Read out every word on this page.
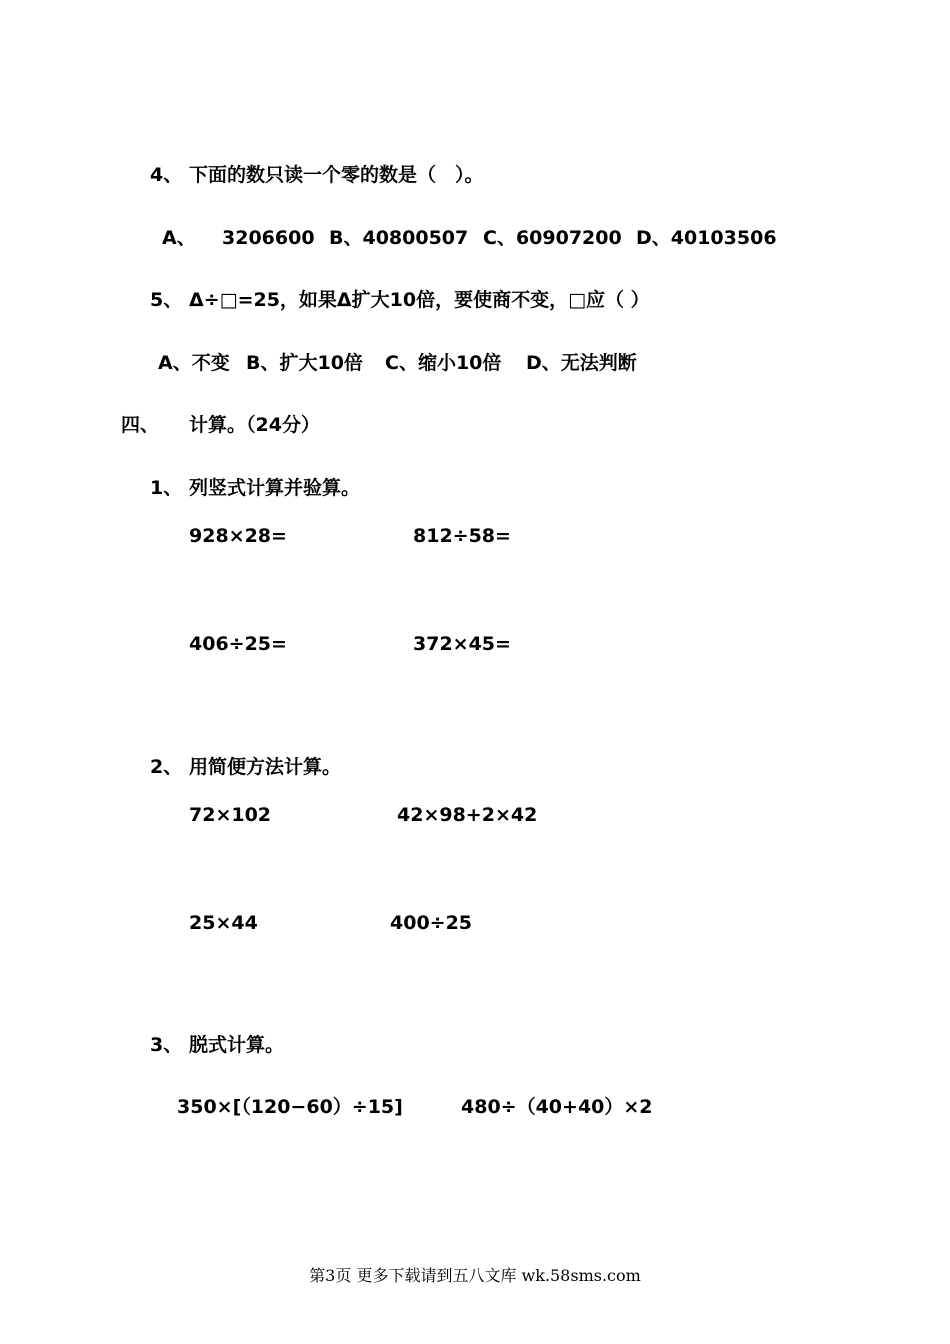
4、 下面的数只读一个零的数是（　）。
A、 3206600 B、40800507 C、60907200 D、40103506
5、 Δ÷□=25，如果Δ扩大10倍，要使商不变，□应（ ）
A、不变 B、扩大10倍 C、缩小10倍 D、无法判断
四、 计算。（24分）
1、 列竖式计算并验算。
928×28=	812÷58=
406÷25=	372×45=
2、 用简便方法计算。
72×102	42×98+2×42
25×44	400÷25
3、 脱式计算。
350×[（120−60）÷15]	480÷（40+40）×2
第3页 更多下载请到五八文库 wk.58sms.com
